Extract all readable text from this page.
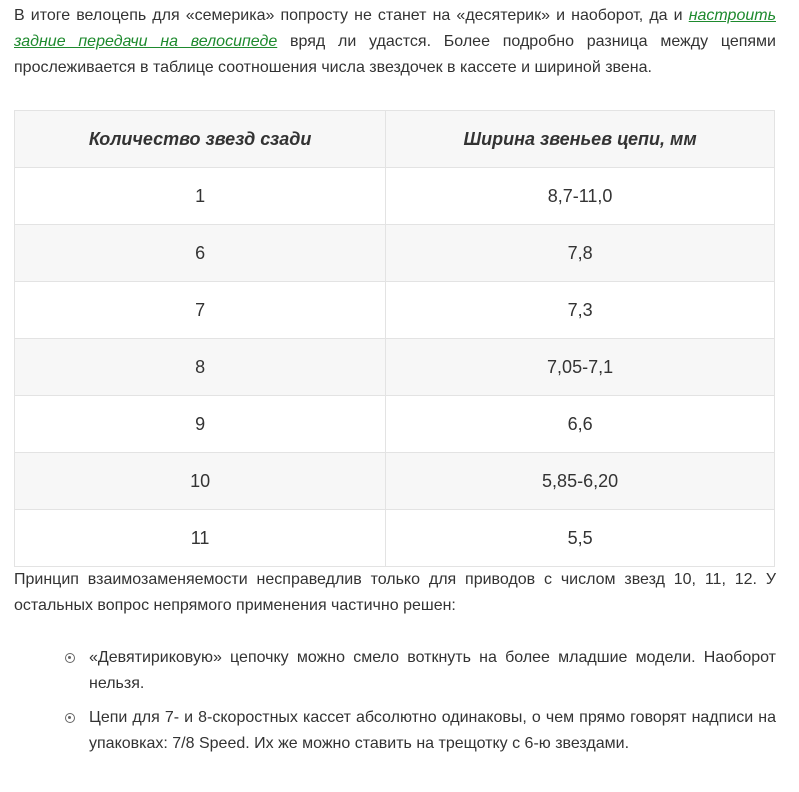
В итоге велоцепь для «семерика» попросту не станет на «десятерик» и наоборот, да и настроить задние передачи на велосипеде вряд ли удастся. Более подробно разница между цепями прослеживается в таблице соотношения числа звездочек в кассете и шириной звена.

Количество звезд сзади	Ширина звеньев цепи, мм
1	8,7-11,0
6	7,8
7	7,3
8	7,05-7,1
9	6,6
10	5,85-6,20
11	5,5

Принцип взаимозаменяемости несправедлив только для приводов с числом звезд 10, 11, 12. У остальных вопрос непрямого применения частично решен:

«Девятириковую» цепочку можно смело воткнуть на более младшие модели. Наоборот нельзя.
Цепи для 7- и 8-скоростных кассет абсолютно одинаковы, о чем прямо говорят надписи на упаковках: 7/8 Speed. Их же можно ставить на трещотку с 6-ю звездами.
